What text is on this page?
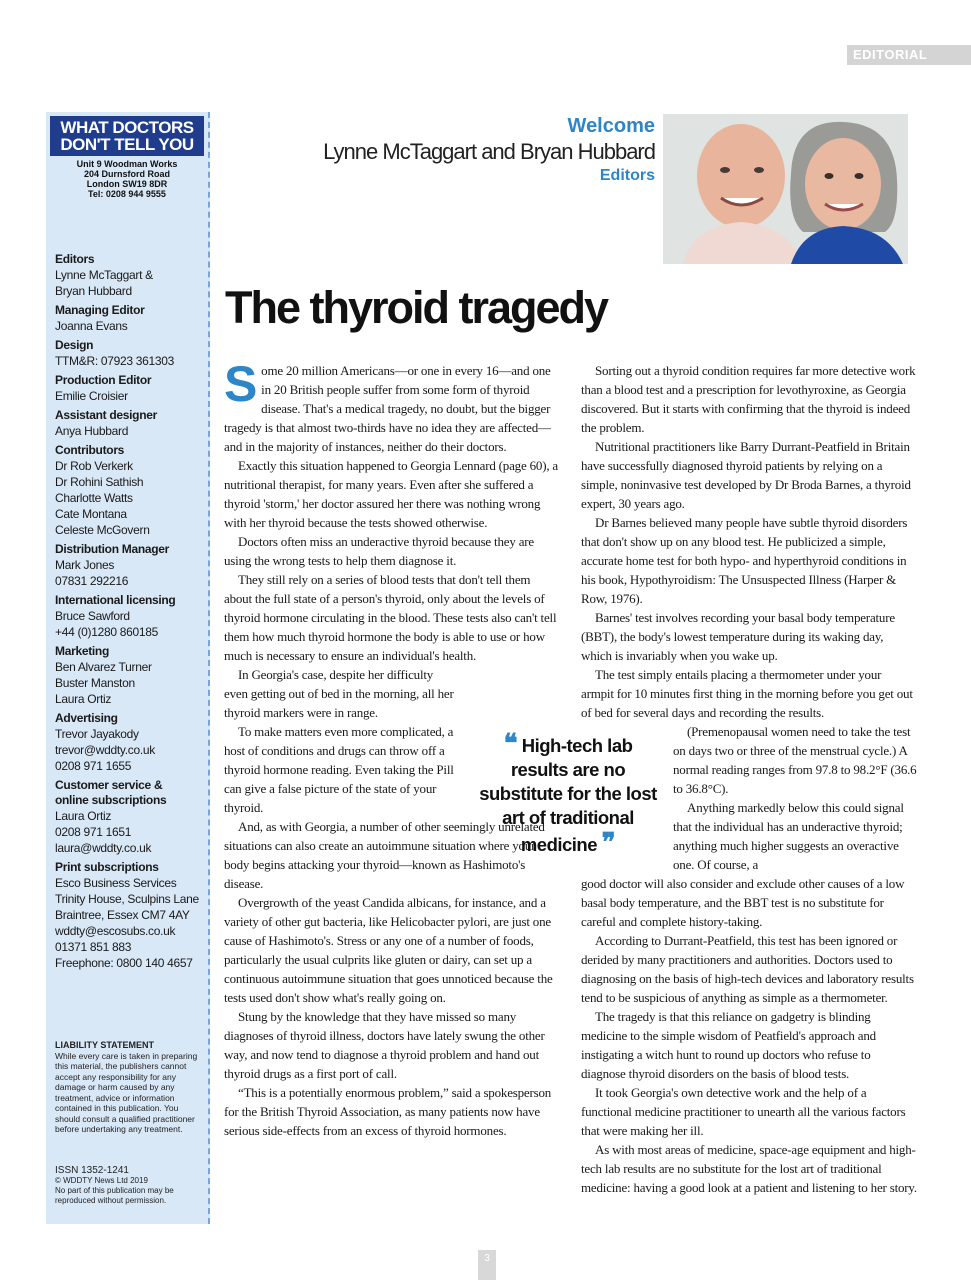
EDITORIAL
WHAT DOCTORS
DON'T TELL YOU
Unit 9 Woodman Works
204 Durnsford Road
London SW19 8DR
Tel: 0208 944 9555
Editors
Lynne McTaggart &
Bryan Hubbard
Managing Editor
Joanna Evans
Design
TTM&R: 07923 361303
Production Editor
Emilie Croisier
Assistant designer
Anya Hubbard
Contributors
Dr Rob Verkerk
Dr Rohini Sathish
Charlotte Watts
Cate Montana
Celeste McGovern
Distribution Manager
Mark Jones
07831 292216
International licensing
Bruce Sawford
+44 (0)1280 860185
Marketing
Ben Alvarez Turner
Buster Manston
Laura Ortiz
Advertising
Trevor Jayakody
trevor@wddty.co.uk
0208 971 1655
Customer service &
online subscriptions
Laura Ortiz
0208 971 1651
laura@wddty.co.uk
Print subscriptions
Esco Business Services
Trinity House, Sculpins Lane
Braintree, Essex CM7 4AY
wddty@escosubs.co.uk
01371 851 883
Freephone: 0800 140 4657
LIABILITY STATEMENT
While every care is taken in preparing this material, the publishers cannot accept any responsibility for any damage or harm caused by any treatment, advice or information contained in this publication. You should consult a qualified practitioner before undertaking any treatment.
ISSN 1352-1241
© WDDTY News Ltd 2019
No part of this publication may be reproduced without permission.
Welcome
Lynne McTaggart and Bryan Hubbard
Editors
The thyroid tragedy

Some 20 million Americans—or one in every 16—and one in 20 British people suffer from some form of thyroid disease. That's a medical tragedy, no doubt, but the bigger tragedy is that almost two-thirds have no idea they are affected—and in the majority of instances, neither do their doctors.

Exactly this situation happened to Georgia Lennard (page 60), a nutritional therapist, for many years. Even after she suffered a thyroid 'storm,' her doctor assured her there was nothing wrong with her thyroid because the tests showed otherwise.

Doctors often miss an underactive thyroid because they are using the wrong tests to help them diagnose it.

They still rely on a series of blood tests that don't tell them about the full state of a person's thyroid, only about the levels of thyroid hormone circulating in the blood. These tests also can't tell them how much thyroid hormone the body is able to use or how much is necessary to ensure an individual's health.

In Georgia's case, despite her difficulty even getting out of bed in the morning, all her thyroid markers were in range.

To make matters even more complicated, a host of conditions and drugs can throw off a thyroid hormone reading. Even taking the Pill can give a false picture of the state of your thyroid.

And, as with Georgia, a number of other seemingly unrelated situations can also create an autoimmune situation where your body begins attacking your thyroid—known as Hashimoto's disease.

Overgrowth of the yeast Candida albicans, for instance, and a variety of other gut bacteria, like Helicobacter pylori, are just one cause of Hashimoto's. Stress or any one of a number of foods, particularly the usual culprits like gluten or dairy, can set up a continuous autoimmune situation that goes unnoticed because the tests used don't show what's really going on.

Stung by the knowledge that they have missed so many diagnoses of thyroid illness, doctors have lately swung the other way, and now tend to diagnose a thyroid problem and hand out thyroid drugs as a first port of call.

“This is a potentially enormous problem,” said a spokesperson for the British Thyroid Association, as many patients now have serious side-effects from an excess of thyroid hormones.

❝ High-tech lab results are no substitute for the lost art of traditional medicine ❞

Sorting out a thyroid condition requires far more detective work than a blood test and a prescription for levothyroxine, as Georgia discovered. But it starts with confirming that the thyroid is indeed the problem.

Nutritional practitioners like Barry Durrant-Peatfield in Britain have successfully diagnosed thyroid patients by relying on a simple, noninvasive test developed by Dr Broda Barnes, a thyroid expert, 30 years ago.

Dr Barnes believed many people have subtle thyroid disorders that don't show up on any blood test. He publicized a simple, accurate home test for both hypo- and hyperthyroid conditions in his book, Hypothyroidism: The Unsuspected Illness (Harper & Row, 1976).

Barnes' test involves recording your basal body temperature (BBT), the body's lowest temperature during its waking day, which is invariably when you wake up.

The test simply entails placing a thermometer under your armpit for 10 minutes first thing in the morning before you get out of bed for several days and recording the results.

(Premenopausal women need to take the test on days two or three of the menstrual cycle.) A normal reading ranges from 97.8 to 98.2°F (36.6 to 36.8°C).

Anything markedly below this could signal that the individual has an underactive thyroid; anything much higher suggests an overactive one. Of course, a

good doctor will also consider and exclude other causes of a low basal body temperature, and the BBT test is no substitute for careful and complete history-taking.

According to Durrant-Peatfield, this test has been ignored or derided by many practitioners and authorities. Doctors used to diagnosing on the basis of high-tech devices and laboratory results tend to be suspicious of anything as simple as a thermometer.

The tragedy is that this reliance on gadgetry is blinding medicine to the simple wisdom of Peatfield's approach and instigating a witch hunt to round up doctors who refuse to diagnose thyroid disorders on the basis of blood tests.

It took Georgia's own detective work and the help of a functional medicine practitioner to unearth all the various factors that were making her ill.

As with most areas of medicine, space-age equipment and high-tech lab results are no substitute for the lost art of traditional medicine: having a good look at a patient and listening to her story.

3
